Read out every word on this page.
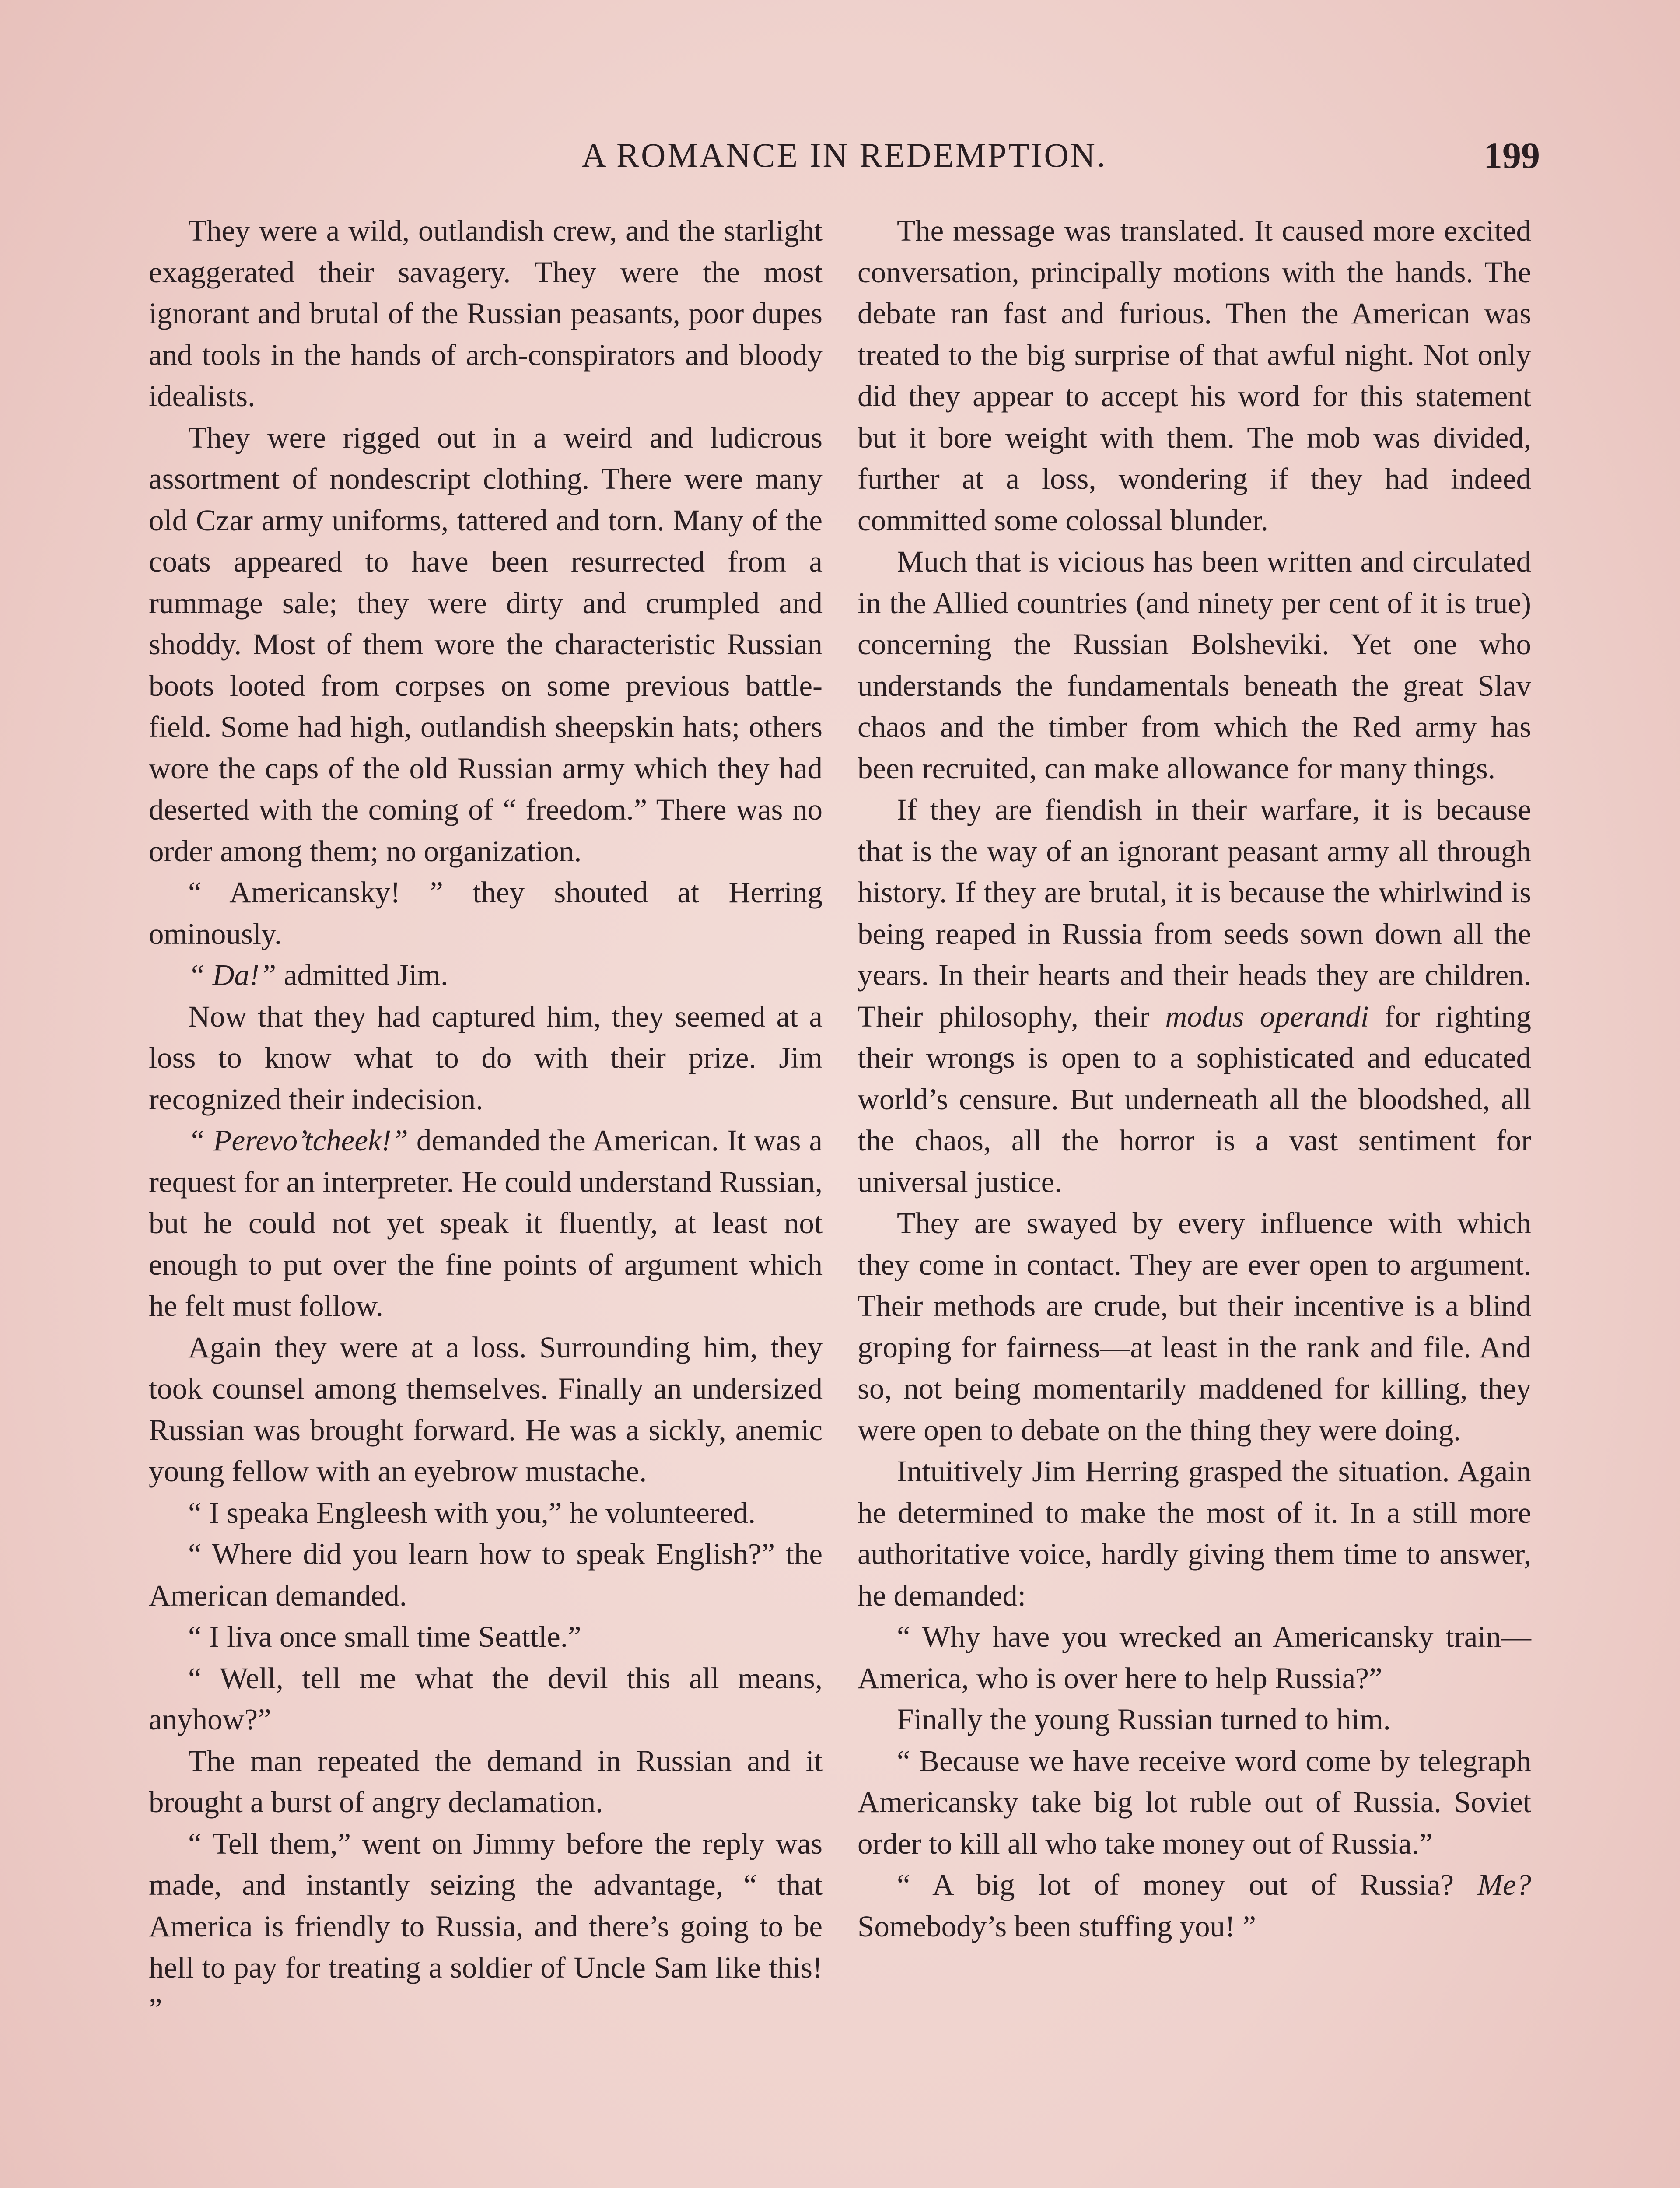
A ROMANCE IN REDEMPTION.	199

They were a wild, outlandish crew, and the starlight exaggerated their savagery. They were the most ignorant and brutal of the Russian peasants, poor dupes and tools in the hands of arch-conspirators and bloody idealists.

They were rigged out in a weird and ludicrous assortment of nondescript clothing. There were many old Czar army uniforms, tattered and torn. Many of the coats appeared to have been resurrected from a rummage sale; they were dirty and crumpled and shoddy. Most of them wore the characteristic Russian boots looted from corpses on some previous battle-field. Some had high, outlandish sheepskin hats; others wore the caps of the old Russian army which they had deserted with the coming of “ freedom.” There was no order among them; no organization.

“ Americansky! ” they shouted at Herring ominously.

“ Da!” admitted Jim.

Now that they had captured him, they seemed at a loss to know what to do with their prize. Jim recognized their indecision.

“ Perevo’tcheek!” demanded the American. It was a request for an interpreter. He could understand Russian, but he could not yet speak it fluently, at least not enough to put over the fine points of argument which he felt must follow.

Again they were at a loss. Surrounding him, they took counsel among themselves. Finally an undersized Russian was brought forward. He was a sickly, anemic young fellow with an eyebrow mustache.

“ I speaka Engleesh with you,” he volunteered.

“ Where did you learn how to speak English?” the American demanded.

“ I liva once small time Seattle.”

“ Well, tell me what the devil this all means, anyhow?”

The man repeated the demand in Russian and it brought a burst of angry declamation.

“ Tell them,” went on Jimmy before the reply was made, and instantly seizing the advantage, “ that America is friendly to Russia, and there’s going to be hell to pay for treating a soldier of Uncle Sam like this! ”

The message was translated. It caused more excited conversation, principally motions with the hands. The debate ran fast and furious. Then the American was treated to the big surprise of that awful night. Not only did they appear to accept his word for this statement but it bore weight with them. The mob was divided, further at a loss, wondering if they had indeed committed some colossal blunder.

Much that is vicious has been written and circulated in the Allied countries (and ninety per cent of it is true) concerning the Russian Bolsheviki. Yet one who understands the fundamentals beneath the great Slav chaos and the timber from which the Red army has been recruited, can make allowance for many things.

If they are fiendish in their warfare, it is because that is the way of an ignorant peasant army all through history. If they are brutal, it is because the whirlwind is being reaped in Russia from seeds sown down all the years. In their hearts and their heads they are children. Their philosophy, their modus operandi for righting their wrongs is open to a sophisticated and educated world’s censure. But underneath all the bloodshed, all the chaos, all the horror is a vast sentiment for universal justice.

They are swayed by every influence with which they come in contact. They are ever open to argument. Their methods are crude, but their incentive is a blind groping for fairness—at least in the rank and file. And so, not being momentarily maddened for killing, they were open to debate on the thing they were doing.

Intuitively Jim Herring grasped the situation. Again he determined to make the most of it. In a still more authoritative voice, hardly giving them time to answer, he demanded:

“ Why have you wrecked an Americansky train—America, who is over here to help Russia?”

Finally the young Russian turned to him.

“ Because we have receive word come by telegraph Americansky take big lot ruble out of Russia. Soviet order to kill all who take money out of Russia.”

“ A big lot of money out of Russia? Me? Somebody’s been stuffing you! ”
